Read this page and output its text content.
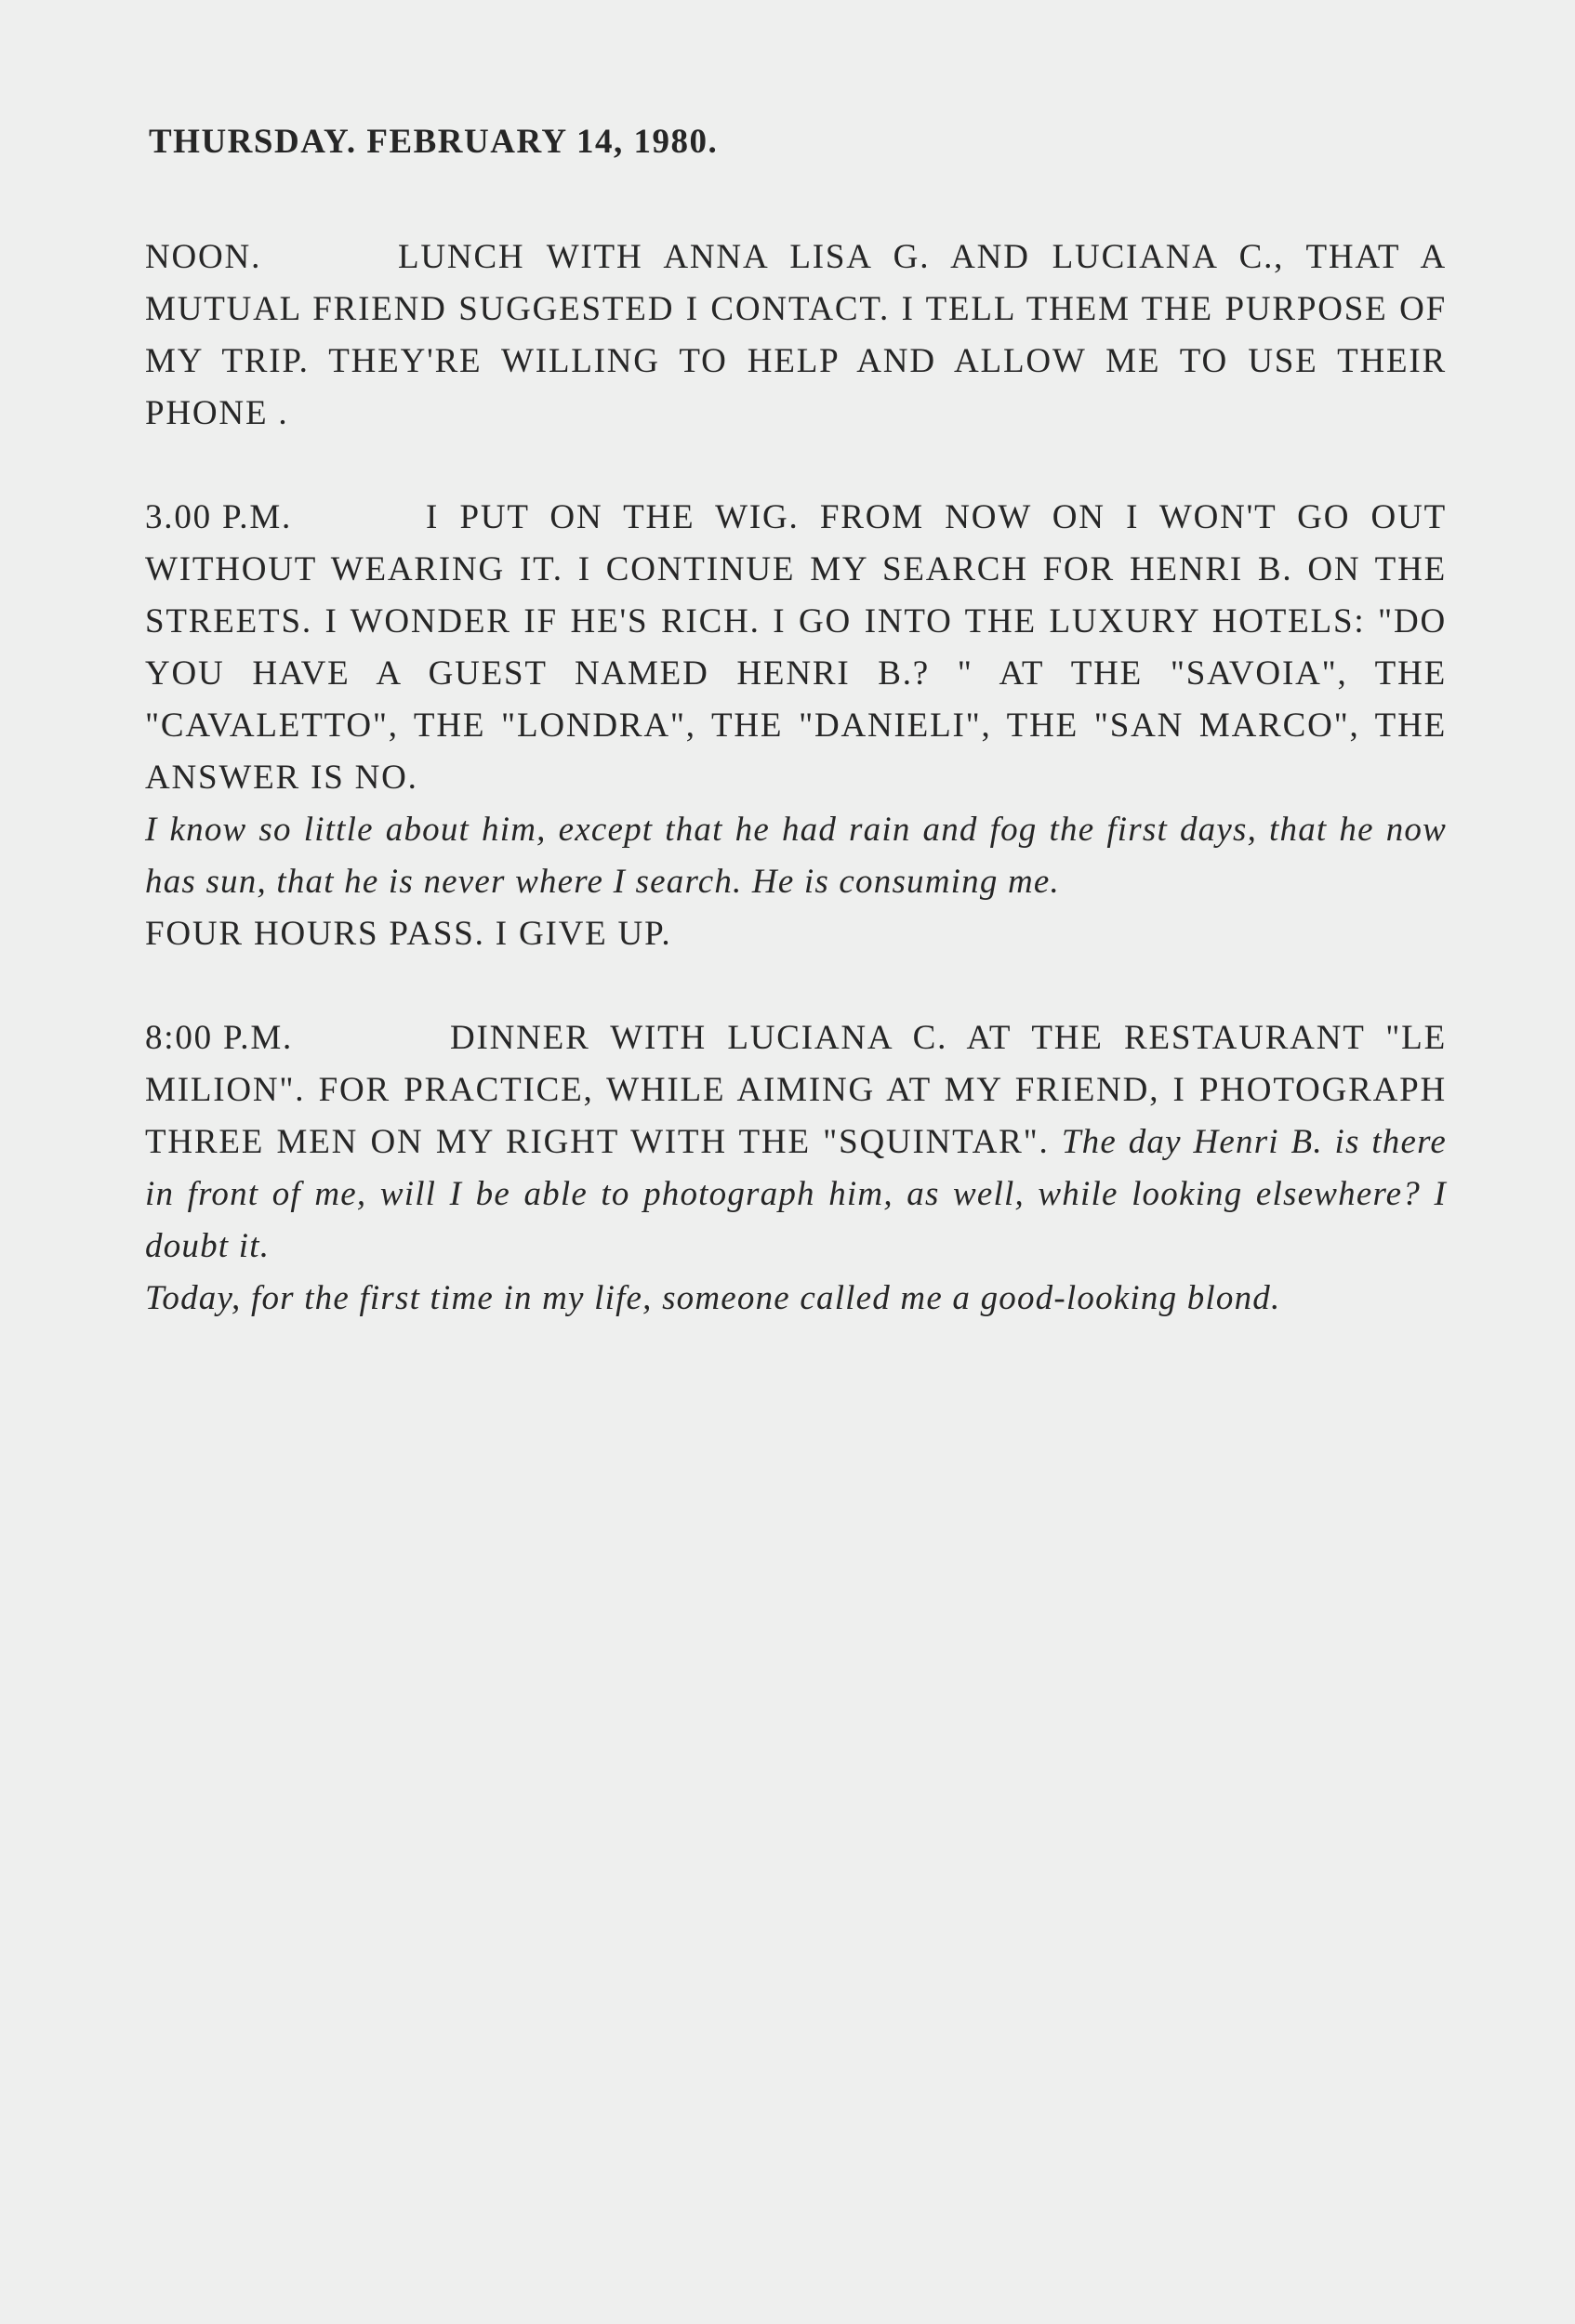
THURSDAY. FEBRUARY 14, 1980.
NOON.	LUNCH WITH ANNA LISA G. AND LUCIANA C., THAT A MUTUAL FRIEND SUGGESTED I CONTACT. I TELL THEM THE PURPOSE OF MY TRIP. THEY'RE WILLING TO HELP AND ALLOW ME TO USE THEIR PHONE .
3.00 P.M.	I PUT ON THE WIG. FROM NOW ON I WON'T GO OUT WITHOUT WEARING IT. I CONTINUE MY SEARCH FOR HENRI B. ON THE STREETS. I WONDER IF HE'S RICH. I GO INTO THE LUXURY HOTELS: "DO YOU HAVE A GUEST NAMED HENRI B.? " AT THE "SAVOIA", THE "CAVALETTO", THE "LONDRA", THE "DANIELI", THE "SAN MARCO", THE ANSWER IS NO.
I know so little about him, except that he had rain and fog the first days, that he now has sun, that he is never where I search. He is consuming me.
FOUR HOURS PASS. I GIVE UP.
8:00 P.M.	DINNER WITH LUCIANA C. AT THE RESTAURANT "LE MILION". FOR PRACTICE, WHILE AIMING AT MY FRIEND, I PHOTOGRAPH THREE MEN ON MY RIGHT WITH THE "SQUINTAR". The day Henri B. is there in front of me, will I be able to photograph him, as well, while looking elsewhere? I doubt it.
Today, for the first time in my life, someone called me a good-looking blond.
